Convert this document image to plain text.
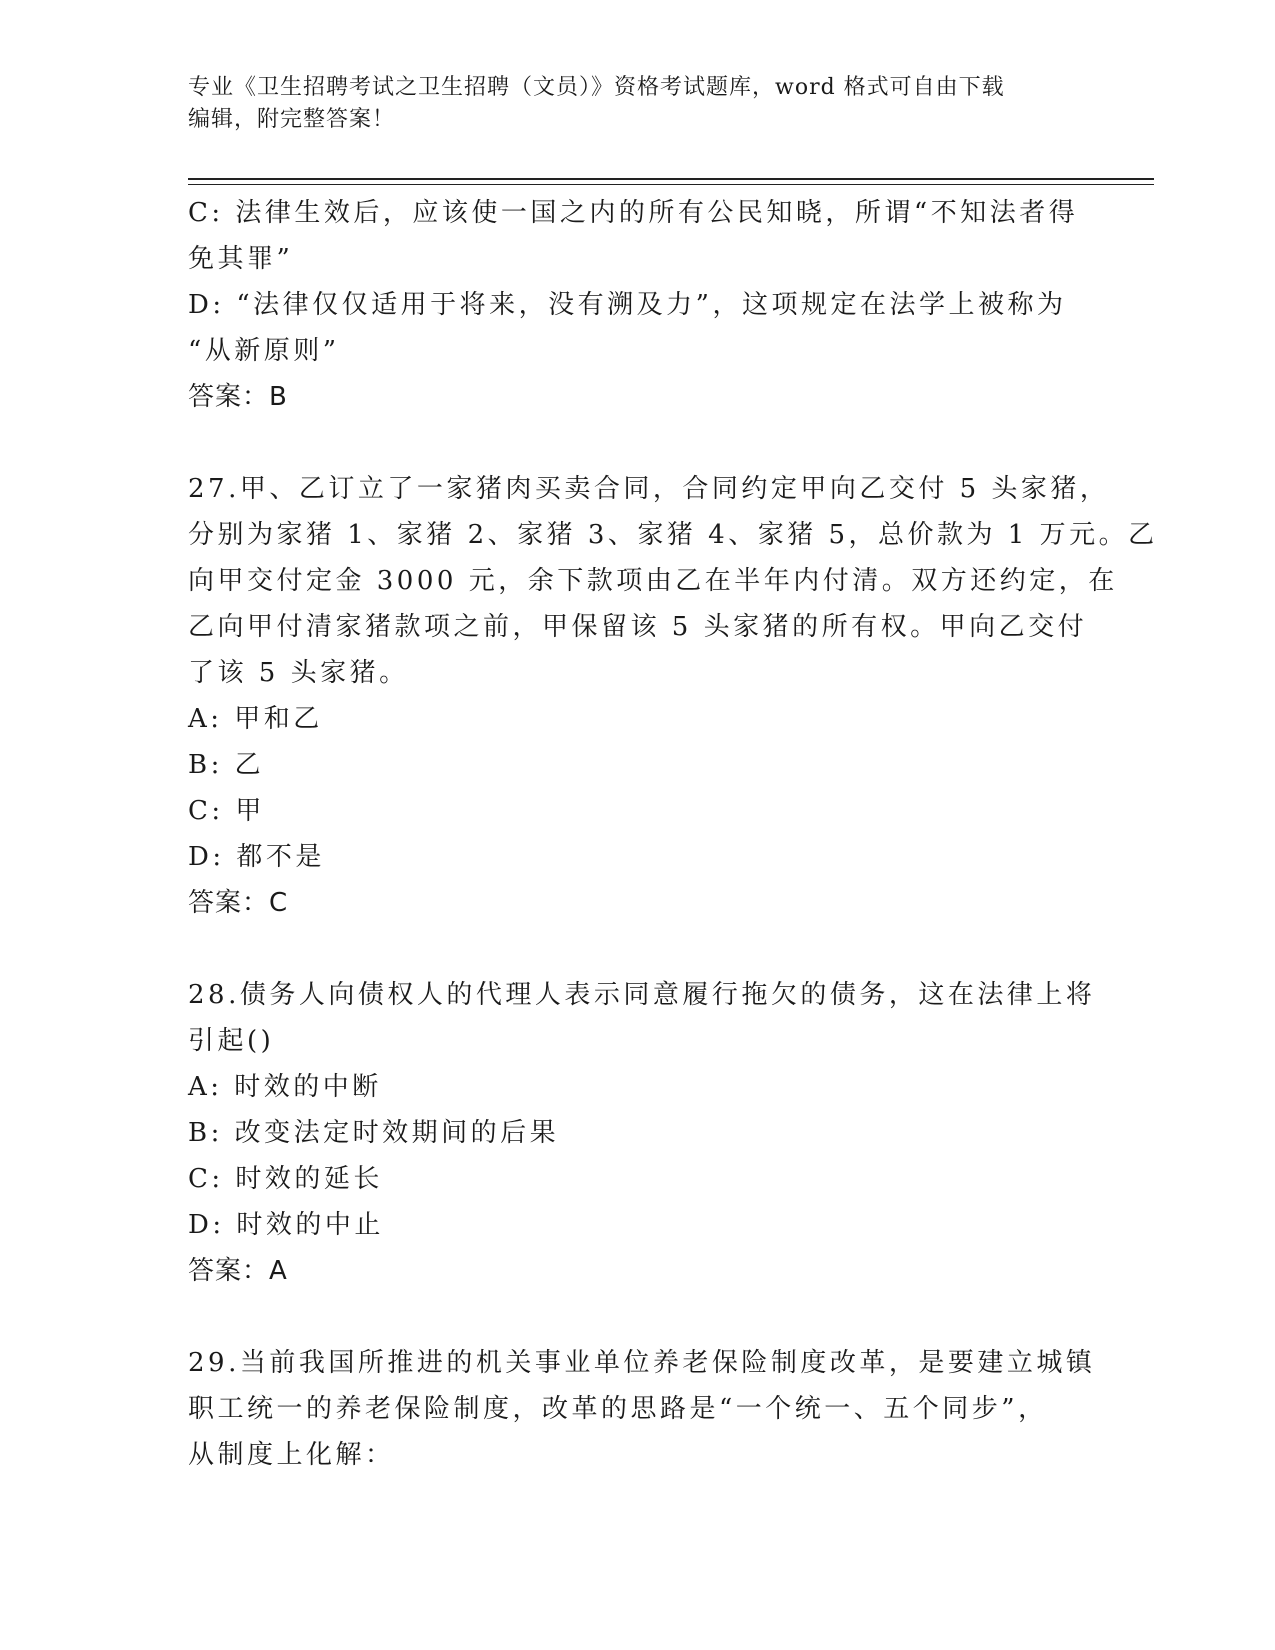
专业《卫生招聘考试之卫生招聘（文员）》资格考试题库，word 格式可自由下载
编辑，附完整答案！
C: 法律生效后，应该使一国之内的所有公民知晓，所谓“不知法者得
免其罪”
D: “法律仅仅适用于将来，没有溯及力”，这项规定在法学上被称为
“从新原则”
答案：B
27.甲、乙订立了一家猪肉买卖合同，合同约定甲向乙交付 5 头家猪，
分别为家猪 1、家猪 2、家猪 3、家猪 4、家猪 5，总价款为 1 万元。乙
向甲交付定金 3000 元，余下款项由乙在半年内付清。双方还约定，在
乙向甲付清家猪款项之前，甲保留该 5 头家猪的所有权。甲向乙交付
了该 5 头家猪。
A: 甲和乙
B: 乙
C: 甲
D: 都不是
答案：C
28.债务人向债权人的代理人表示同意履行拖欠的债务，这在法律上将
引起()
A: 时效的中断
B: 改变法定时效期间的后果
C: 时效的延长
D: 时效的中止
答案：A
29.当前我国所推进的机关事业单位养老保险制度改革，是要建立城镇
职工统一的养老保险制度，改革的思路是“一个统一、五个同步”，
从制度上化解：
